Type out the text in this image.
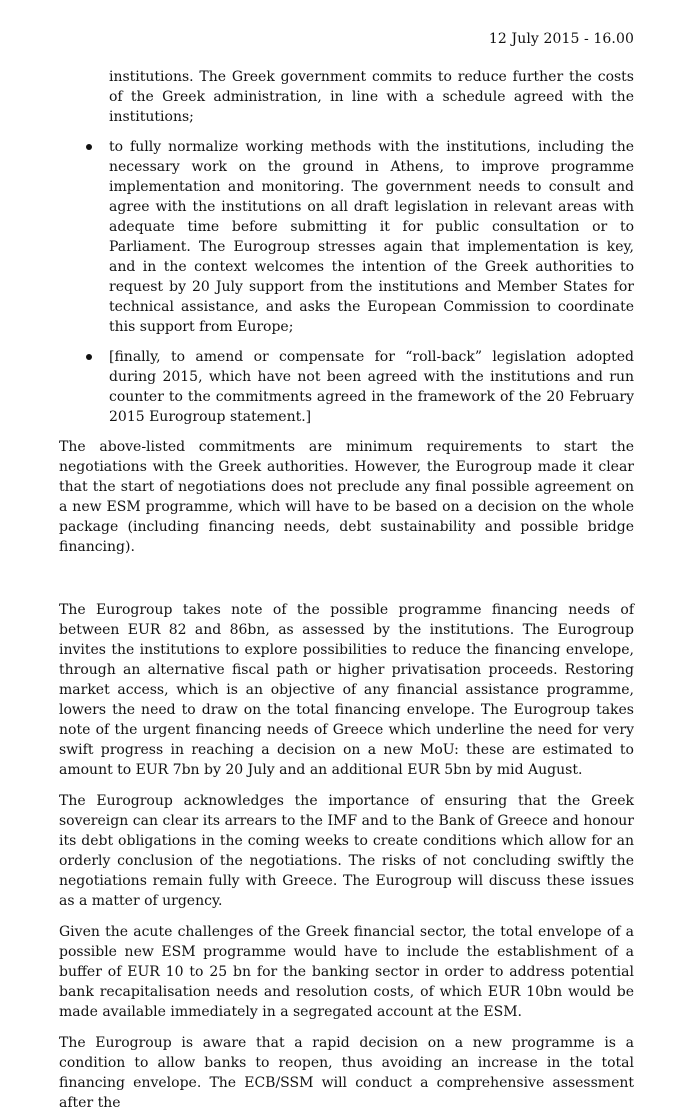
12 July 2015 - 16.00

institutions. The Greek government commits to reduce further the costs of the Greek administration, in line with a schedule agreed with the institutions;

to fully normalize working methods with the institutions, including the necessary work on the ground in Athens, to improve programme implementation and monitoring. The government needs to consult and agree with the institutions on all draft legislation in relevant areas with adequate time before submitting it for public consultation or to Parliament. The Eurogroup stresses again that implementation is key, and in the context welcomes the intention of the Greek authorities to request by 20 July support from the institutions and Member States for technical assistance, and asks the European Commission to coordinate this support from Europe;

[finally, to amend or compensate for “roll-back” legislation adopted during 2015, which have not been agreed with the institutions and run counter to the commitments agreed in the framework of the 20 February 2015 Eurogroup statement.]

The above-listed commitments are minimum requirements to start the negotiations with the Greek authorities. However, the Eurogroup made it clear that the start of negotiations does not preclude any final possible agreement on a new ESM programme, which will have to be based on a decision on the whole package (including financing needs, debt sustainability and possible bridge financing).

The Eurogroup takes note of the possible programme financing needs of between EUR 82 and 86bn, as assessed by the institutions. The Eurogroup invites the institutions to explore possibilities to reduce the financing envelope, through an alternative fiscal path or higher privatisation proceeds. Restoring market access, which is an objective of any financial assistance programme, lowers the need to draw on the total financing envelope. The Eurogroup takes note of the urgent financing needs of Greece which underline the need for very swift progress in reaching a decision on a new MoU: these are estimated to amount to EUR 7bn by 20 July and an additional EUR 5bn by mid August.

The Eurogroup acknowledges the importance of ensuring that the Greek sovereign can clear its arrears to the IMF and to the Bank of Greece and honour its debt obligations in the coming weeks to create conditions which allow for an orderly conclusion of the negotiations. The risks of not concluding swiftly the negotiations remain fully with Greece. The Eurogroup will discuss these issues as a matter of urgency.

Given the acute challenges of the Greek financial sector, the total envelope of a possible new ESM programme would have to include the establishment of a buffer of EUR 10 to 25 bn for the banking sector in order to address potential bank recapitalisation needs and resolution costs, of which EUR 10bn would be made available immediately in a segregated account at the ESM.

The Eurogroup is aware that a rapid decision on a new programme is a condition to allow banks to reopen, thus avoiding an increase in the total financing envelope. The ECB/SSM will conduct a comprehensive assessment after the
